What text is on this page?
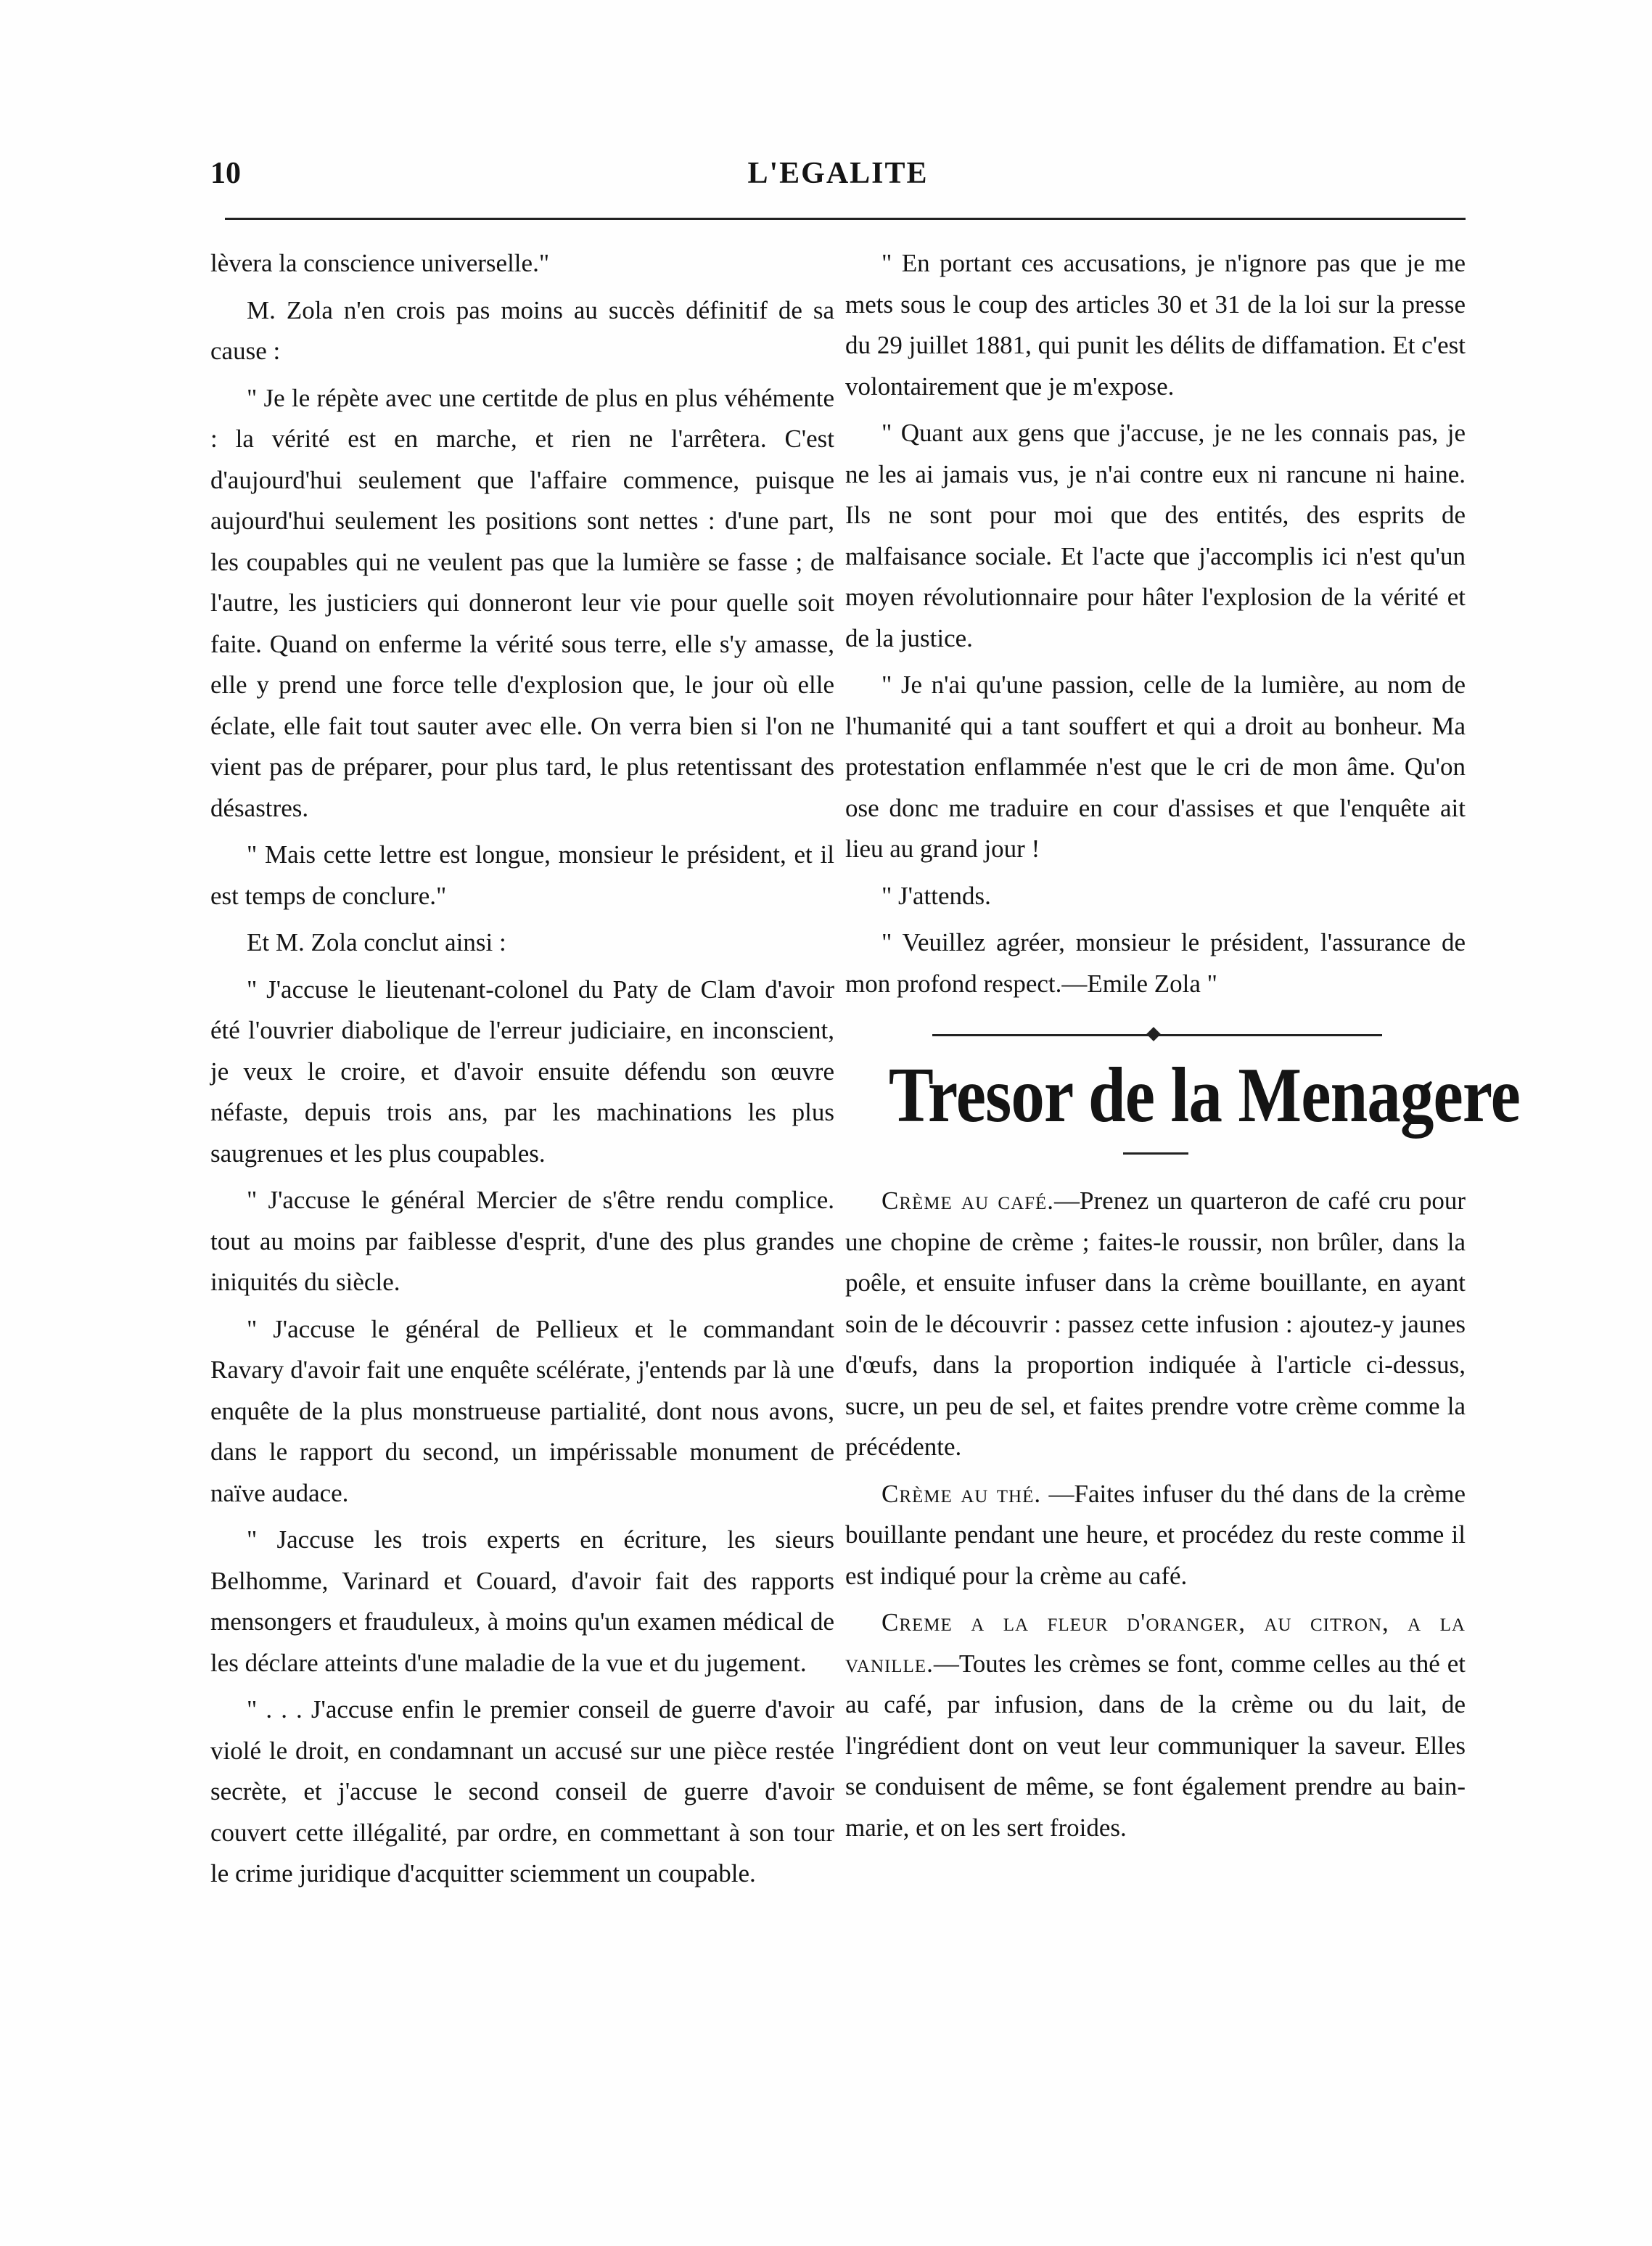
10	L'EGALITE

lèvera la conscience universelle."

M. Zola n'en crois pas moins au succès définitif de sa cause :

" Je le répète avec une certitde de plus en plus véhémente : la vérité est en marche, et rien ne l'arrêtera. C'est d'aujourd'hui seulement que l'affaire commence, puisque aujourd'hui seulement les positions sont nettes : d'une part, les coupables qui ne veulent pas que la lumière se fasse ; de l'autre, les justiciers qui donneront leur vie pour quelle soit faite. Quand on enferme la vérité sous terre, elle s'y amasse, elle y prend une force telle d'explosion que, le jour où elle éclate, elle fait tout sauter avec elle. On verra bien si l'on ne vient pas de préparer, pour plus tard, le plus retentissant des désastres.

" Mais cette lettre est longue, monsieur le président, et il est temps de conclure."

Et M. Zola conclut ainsi :

" J'accuse le lieutenant-colonel du Paty de Clam d'avoir été l'ouvrier diabolique de l'erreur judiciaire, en inconscient, je veux le croire, et d'avoir ensuite défendu son œuvre néfaste, depuis trois ans, par les machinations les plus saugrenues et les plus coupables.

" J'accuse le général Mercier de s'être rendu complice. tout au moins par faiblesse d'esprit, d'une des plus grandes iniquités du siècle.

" J'accuse le général de Pellieux et le commandant Ravary d'avoir fait une enquête scélérate, j'entends par là une enquête de la plus monstrueuse partialité, dont nous avons, dans le rapport du second, un impérissable monument de naïve audace.

" Jaccuse les trois experts en écriture, les sieurs Belhomme, Varinard et Couard, d'avoir fait des rapports mensongers et frauduleux, à moins qu'un examen médical de les déclare atteints d'une maladie de la vue et du jugement.

" . . . J'accuse enfin le premier conseil de guerre d'avoir violé le droit, en condamnant un accusé sur une pièce restée secrète, et j'accuse le second conseil de guerre d'avoir couvert cette illégalité, par ordre, en commettant à son tour le crime juridique d'acquitter sciemment un coupable.

" En portant ces accusations, je n'ignore pas que je me mets sous le coup des articles 30 et 31 de la loi sur la presse du 29 juillet 1881, qui punit les délits de diffamation. Et c'est volontairement que je m'expose.

" Quant aux gens que j'accuse, je ne les connais pas, je ne les ai jamais vus, je n'ai contre eux ni rancune ni haine. Ils ne sont pour moi que des entités, des esprits de malfaisance sociale. Et l'acte que j'accomplis ici n'est qu'un moyen révolutionnaire pour hâter l'explosion de la vérité et de la justice.

" Je n'ai qu'une passion, celle de la lumière, au nom de l'humanité qui a tant souffert et qui a droit au bonheur. Ma protestation enflammée n'est que le cri de mon âme. Qu'on ose donc me traduire en cour d'assises et que l'enquête ait lieu au grand jour !

" J'attends.

" Veuillez agréer, monsieur le président, l'assurance de mon profond respect.—Emile Zola "

Tresor de la Menagere

Crème au café.—Prenez un quarteron de café cru pour une chopine de crème ; faites-le roussir, non brûler, dans la poêle, et ensuite infuser dans la crème bouillante, en ayant soin de le découvrir : passez cette infusion : ajoutez-y jaunes d'œufs, dans la proportion indiquée à l'article ci-dessus, sucre, un peu de sel, et faites prendre votre crème comme la précédente.

Crème au thé. —Faites infuser du thé dans de la crème bouillante pendant une heure, et procédez du reste comme il est indiqué pour la crème au café.

Creme a la fleur d'oranger, au citron, a la vanille.—Toutes les crèmes se font, comme celles au thé et au café, par infusion, dans de la crème ou du lait, de l'ingrédient dont on veut leur communiquer la saveur. Elles se conduisent de même, se font également prendre au bain-marie, et on les sert froides.
